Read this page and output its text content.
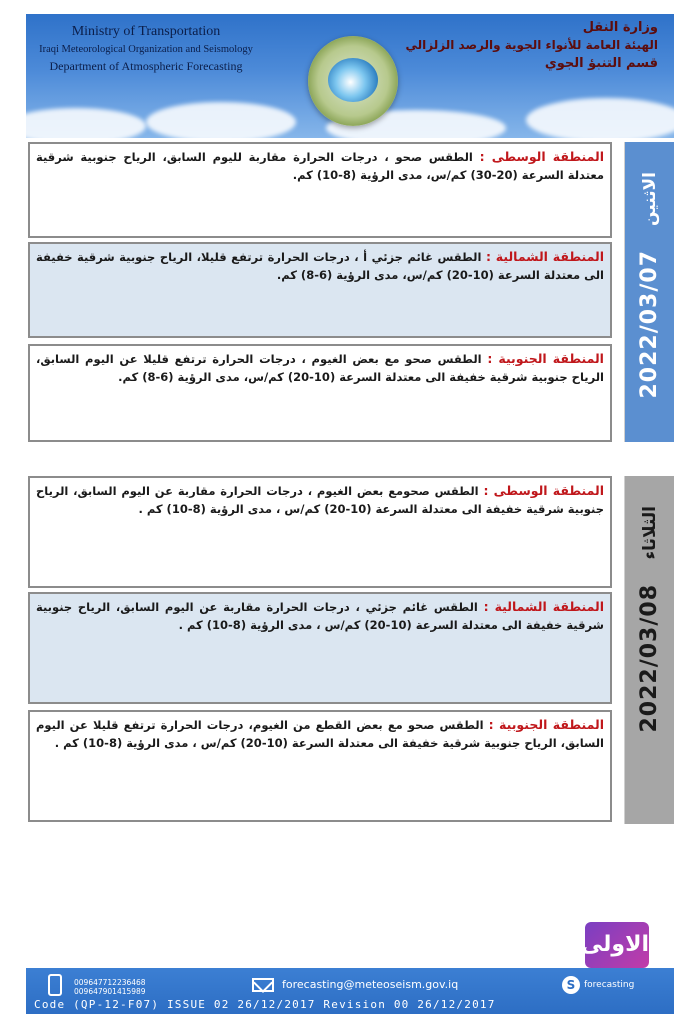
Ministry of Transportation
Iraqi Meteorological Organization and Seismology
Department of Atmospheric Forecasting
وزارة النقل
الهيئة العامة للأنواء الجوية والرصد الزلزالي
قسم التنبؤ الجوي
المنطقة الوسطى : الطقس صحو ، درجات الحرارة مقاربة لليوم السابق، الرياح جنوبية شرقية معتدلة السرعة (20-30) كم/س، مدى الرؤية (8-10) كم.
المنطقة الشمالية : الطقس غائم جزئي أ ، درجات الحرارة ترتفع قليلا، الرياح جنوبية شرقية خفيفة الى معتدلة السرعة (10-20) كم/س، مدى الرؤية (6-8) كم.
المنطقة الجنوبية : الطقس صحو مع بعض الغيوم ، درجات الحرارة ترتفع قليلا عن اليوم السابق، الرياح جنوبية شرقية خفيفة الى معتدلة السرعة (10-20) كم/س، مدى الرؤية (6-8) كم.
الاثنين
2022/03/07
المنطقة الوسطى : الطقس صحومع بعض الغيوم ، درجات الحرارة مقاربة عن اليوم السابق، الرياح جنوبية شرقية خفيفة الى معتدلة السرعة (10-20) كم/س ، مدى الرؤية (8-10) كم .
المنطقة الشمالية : الطقس غائم جزئي ، درجات الحرارة مقاربة عن اليوم السابق، الرياح جنوبية شرقية خفيفة الى معتدلة السرعة (10-20) كم/س ، مدى الرؤية (8-10) كم .
المنطقة الجنوبية : الطقس صحو مع بعض القطع من الغيوم، درجات الحرارة ترتفع قليلا عن اليوم السابق، الرياح جنوبية شرقية خفيفة الى معتدلة السرعة (10-20) كم/س ، مدى الرؤية (8-10) كم .
الثلاثاء
2022/03/08
الاولى
009647712236468
009647901415989
forecasting@meteoseism.gov.iq	S forecasting
Code (QP-12-F07) ISSUE 02 26/12/2017 Revision 00 26/12/2017
